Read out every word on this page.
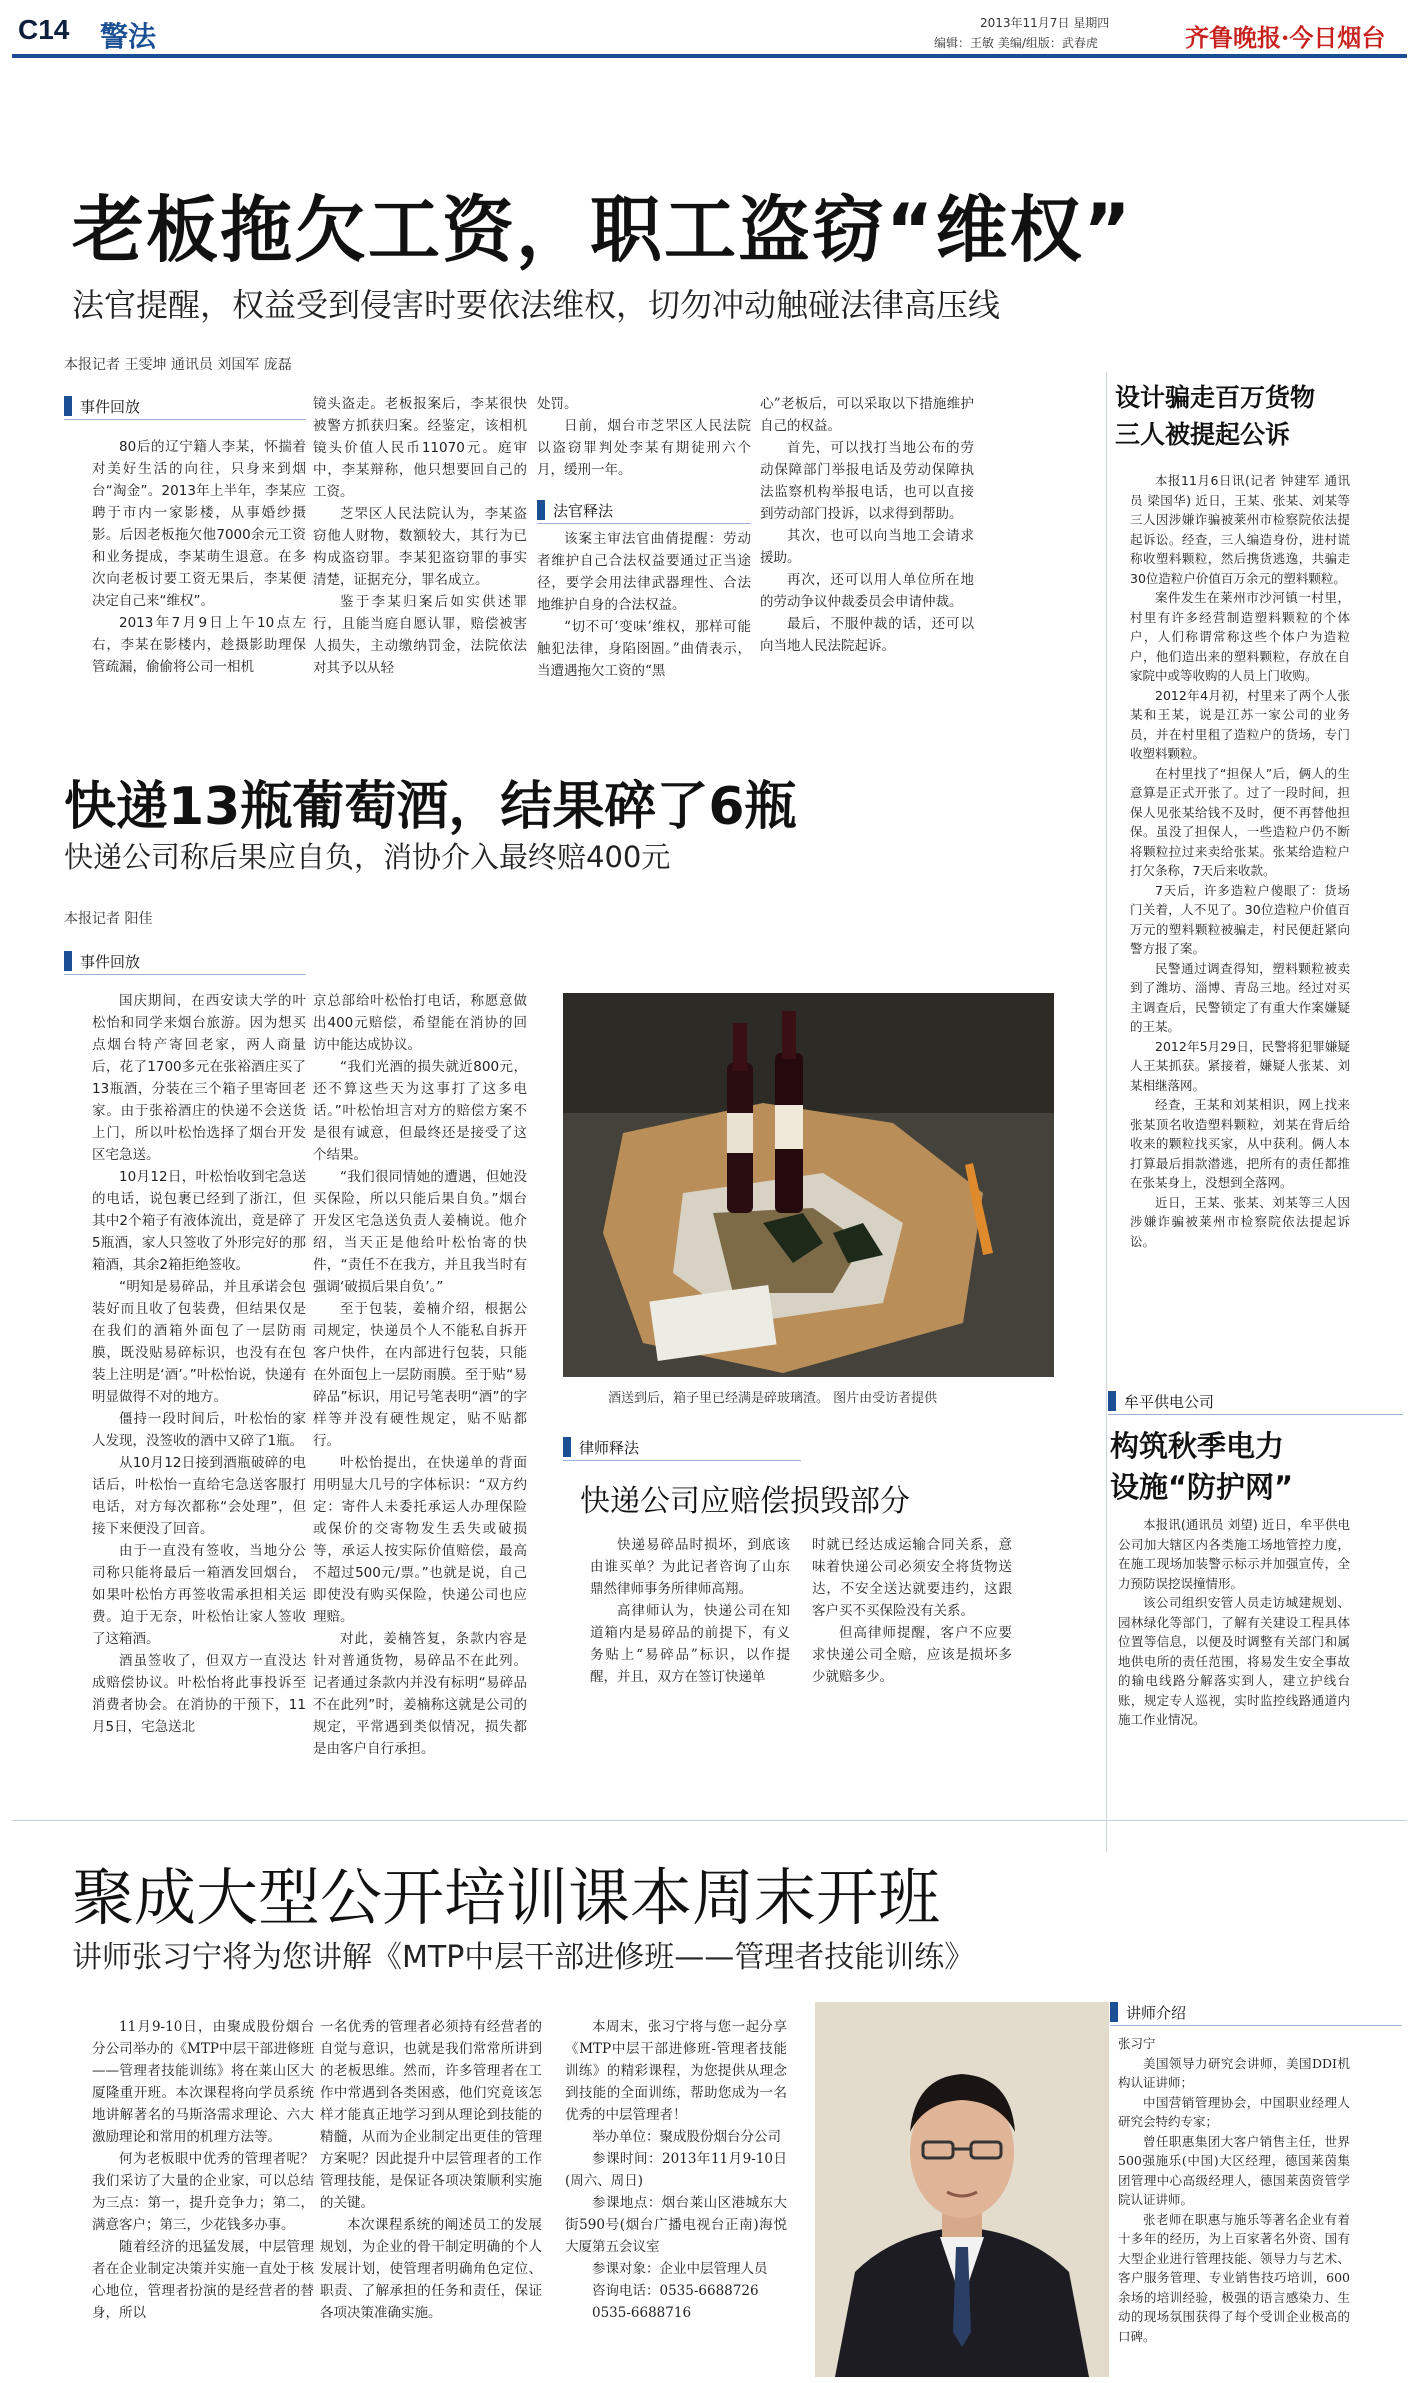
C14 警法	2013年11月7日 星期四
编辑：王敏 美编/组版：武春虎	齐鲁晚报·今日烟台
老板拖欠工资，职工盗窃“维权”
法官提醒，权益受到侵害时要依法维权，切勿冲动触碰法律高压线
本报记者 王雯坤 通讯员 刘国军 庞磊
事件回放

80后的辽宁籍人李某，怀揣着对美好生活的向往，只身来到烟台“淘金”。2013年上半年，李某应聘于市内一家影楼，从事婚纱摄影。后因老板拖欠他7000余元工资和业务提成，李某萌生退意。在多次向老板讨要工资无果后，李某便决定自己来“维权”。

2013年7月9日上午10点左右，李某在影楼内，趁摄影助理保管疏漏，偷偷将公司一相机

镜头盗走。老板报案后，李某很快被警方抓获归案。经鉴定，该相机镜头价值人民币11070元。庭审中，李某辩称，他只想要回自己的工资。

芝罘区人民法院认为，李某盗窃他人财物，数额较大，其行为已构成盗窃罪。李某犯盗窃罪的事实清楚，证据充分，罪名成立。

鉴于李某归案后如实供述罪行，且能当庭自愿认罪，赔偿被害人损失，主动缴纳罚金，法院依法对其予以从轻

处罚。

日前，烟台市芝罘区人民法院以盗窃罪判处李某有期徒刑六个月，缓刑一年。

法官释法

该案主审法官曲倩提醒：劳动者维护自己合法权益要通过正当途径，要学会用法律武器理性、合法地维护自身的合法权益。

“切不可‘变味’维权，那样可能触犯法律，身陷囹圄。”曲倩表示，当遭遇拖欠工资的“黑

心”老板后，可以采取以下措施维护自己的权益。

首先，可以找打当地公布的劳动保障部门举报电话及劳动保障执法监察机构举报电话，也可以直接到劳动部门投诉，以求得到帮助。

其次，也可以向当地工会请求援助。

再次，还可以用人单位所在地的劳动争议仲裁委员会申请仲裁。

最后，不服仲裁的话，还可以向当地人民法院起诉。

快递13瓶葡萄酒，结果碎了6瓶
快递公司称后果应自负，消协介入最终赔400元
本报记者 阳佳
事件回放

国庆期间，在西安读大学的叶松怡和同学来烟台旅游。因为想买点烟台特产寄回老家，两人商量后，花了1700多元在张裕酒庄买了13瓶酒，分装在三个箱子里寄回老家。由于张裕酒庄的快递不会送货上门，所以叶松怡选择了烟台开发区宅急送。

10月12日，叶松怡收到宅急送的电话，说包裹已经到了浙江，但其中2个箱子有液体流出，竟是碎了5瓶酒，家人只签收了外形完好的那箱酒，其余2箱拒绝签收。

“明知是易碎品，并且承诺会包装好而且收了包装费，但结果仅是在我们的酒箱外面包了一层防雨膜，既没贴易碎标识，也没有在包装上注明是‘酒’。”叶松怡说，快递有明显做得不对的地方。

僵持一段时间后，叶松怡的家人发现，没签收的酒中又碎了1瓶。

从10月12日接到酒瓶破碎的电话后，叶松怡一直给宅急送客服打电话，对方每次都称“会处理”，但接下来便没了回音。

由于一直没有签收，当地分公司称只能将最后一箱酒发回烟台，如果叶松怡方再签收需承担相关运费。迫于无奈，叶松怡让家人签收了这箱酒。

酒虽签收了，但双方一直没达成赔偿协议。叶松怡将此事投诉至消费者协会。在消协的干预下，11月5日，宅急送北

京总部给叶松怡打电话，称愿意做出400元赔偿，希望能在消协的回访中能达成协议。

“我们光酒的损失就近800元，还不算这些天为这事打了这多电话。”叶松怡坦言对方的赔偿方案不是很有诚意，但最终还是接受了这个结果。

“我们很同情她的遭遇，但她没买保险，所以只能后果自负。”烟台开发区宅急送负责人姜楠说。他介绍，当天正是他给叶松怡寄的快件，“责任不在我方，并且我当时有强调‘破损后果自负’。”

至于包装，姜楠介绍，根据公司规定，快递员个人不能私自拆开客户快件，在内部进行包装，只能在外面包上一层防雨膜。至于贴“易碎品”标识，用记号笔表明“酒”的字样等并没有硬性规定，贴不贴都行。

叶松怡提出，在快递单的背面用明显大几号的字体标识：“双方约定：寄件人未委托承运人办理保险或保价的交寄物发生丢失或破损等，承运人按实际价值赔偿，最高不超过500元/票。”也就是说，自己即使没有购买保险，快递公司也应理赔。

对此，姜楠答复，条款内容是针对普通货物，易碎品不在此列。记者通过条款内并没有标明“易碎品不在此列”时，姜楠称这就是公司的规定，平常遇到类似情况，损失都是由客户自行承担。

酒送到后，箱子里已经满是碎玻璃渣。 图片由受访者提供
律师释法
快递公司应赔偿损毁部分

快递易碎品时损坏，到底该由谁买单？为此记者咨询了山东鼎然律师事务所律师高翔。

高律师认为，快递公司在知道箱内是易碎品的前提下，有义务贴上“易碎品”标识，以作提醒，并且，双方在签订快递单

时就已经达成运输合同关系，意味着快递公司必须安全将货物送达，不安全送达就要违约，这跟客户买不买保险没有关系。

但高律师提醒，客户不应要求快递公司全赔，应该是损坏多少就赔多少。

设计骗走百万货物
三人被提起公诉

本报11月6日讯(记者 钟建军 通讯员 梁国华) 近日，王某、张某、刘某等三人因涉嫌诈骗被莱州市检察院依法提起诉讼。经查，三人编造身份，进村谎称收塑料颗粒，然后携货逃逸，共骗走30位造粒户价值百万余元的塑料颗粒。

案件发生在莱州市沙河镇一村里，村里有许多经营制造塑料颗粒的个体户，人们称谓常称这些个体户为造粒户，他们造出来的塑料颗粒，存放在自家院中或等收购的人员上门收购。

2012年4月初，村里来了两个人张某和王某，说是江苏一家公司的业务员，并在村里租了造粒户的货场，专门收塑料颗粒。

在村里找了“担保人”后，俩人的生意算是正式开张了。过了一段时间，担保人见张某给钱不及时，便不再替他担保。虽没了担保人，一些造粒户仍不断将颗粒拉过来卖给张某。张某给造粒户打欠条称，7天后来收款。

7天后，许多造粒户傻眼了：货场门关着，人不见了。30位造粒户价值百万元的塑料颗粒被骗走，村民便赶紧向警方报了案。

民警通过调查得知，塑料颗粒被卖到了潍坊、淄博、青岛三地。经过对买主调查后，民警锁定了有重大作案嫌疑的王某。

2012年5月29日，民警将犯罪嫌疑人王某抓获。紧接着，嫌疑人张某、刘某相继落网。

经查，王某和刘某相识，网上找来张某顶名收造塑料颗粒，刘某在背后给收来的颗粒找买家，从中获利。俩人本打算最后捐款潜逃，把所有的责任都推在张某身上，没想到全落网。

近日，王某、张某、刘某等三人因涉嫌诈骗被莱州市检察院依法提起诉讼。

牟平供电公司
构筑秋季电力
设施“防护网”

本报讯(通讯员 刘望) 近日，牟平供电公司加大辖区内各类施工场地管控力度，在施工现场加装警示标示并加强宣传，全力预防误挖误撞情形。

该公司组织安管人员走访城建规划、园林绿化等部门，了解有关建设工程具体位置等信息，以便及时调整有关部门和属地供电所的责任范围，将易发生安全事故的输电线路分解落实到人，建立护线台账，规定专人巡视，实时监控线路通道内施工作业情况。

聚成大型公开培训课本周末开班
讲师张习宁将为您讲解《MTP中层干部进修班——管理者技能训练》

11月9-10日，由聚成股份烟台分公司举办的《MTP中层干部进修班——管理者技能训练》将在莱山区大厦隆重开班。本次课程将向学员系统地讲解著名的马斯洛需求理论、六大激励理论和常用的机理方法等。

何为老板眼中优秀的管理者呢？我们采访了大量的企业家，可以总结为三点：第一，提升竞争力；第二，满意客户；第三，少花钱多办事。

随着经济的迅猛发展，中层管理者在企业制定决策并实施一直处于核心地位，管理者扮演的是经营者的替身，所以

一名优秀的管理者必须持有经营者的自觉与意识，也就是我们常常所讲到的老板思维。然而，许多管理者在工作中常遇到各类困惑，他们究竟该怎样才能真正地学习到从理论到技能的精髓，从而为企业制定出更佳的管理方案呢？因此提升中层管理者的工作管理技能，是保证各项决策顺利实施的关键。

本次课程系统的阐述员工的发展规划，为企业的骨干制定明确的个人发展计划，使管理者明确角色定位、职责、了解承担的任务和责任，保证各项决策准确实施。

本周末，张习宁将与您一起分享《MTP中层干部进修班-管理者技能训练》的精彩课程，为您提供从理念到技能的全面训练，帮助您成为一名优秀的中层管理者！

举办单位：聚成股份烟台分公司

参课时间：2013年11月9-10日(周六、周日)

参课地点：烟台莱山区港城东大街590号(烟台广播电视台正南)海悦大厦第五会议室

参课对象：企业中层管理人员

咨询电话：0535-6688726

0535-6688716

讲师介绍

张习宁

美国领导力研究会讲师，美国DDI机构认证讲师；

中国营销管理协会，中国职业经理人研究会特约专家；

曾任职惠集团大客户销售主任，世界500强施乐(中国)大区经理，德国莱茵集团管理中心高级经理人，德国莱茵资管学院认证讲师。

张老师在职惠与施乐等著名企业有着十多年的经历，为上百家著名外资、国有大型企业进行管理技能、领导力与艺术、客户服务管理、专业销售技巧培训，600余场的培训经验，极强的语言感染力、生动的现场氛围获得了每个受训企业极高的口碑。
